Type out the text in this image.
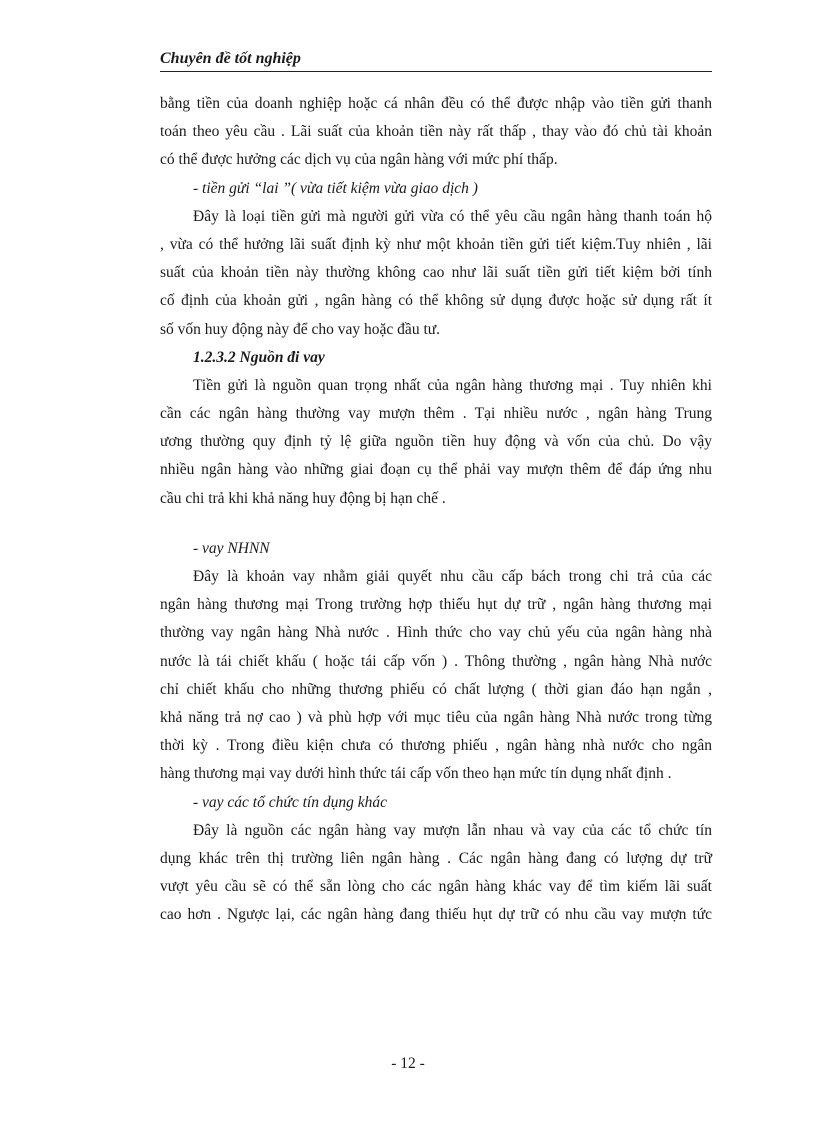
Chuyên đề tốt nghiệp
bằng tiền của doanh nghiệp hoặc cá nhân đều có thể được nhập vào tiền gửi thanh
toán theo yêu cầu . Lãi suất của khoản tiền này rất thấp , thay vào đó chủ tài khoản
có thể được hưởng các dịch vụ của ngân hàng với mức phí thấp.
- tiền gửi “lai ”( vừa tiết kiệm vừa giao dịch )
Đây là loại tiền gửi mà người gửi vừa có thể yêu cầu ngân hàng thanh toán hộ
, vừa có thể hưởng lãi suất định kỳ như một khoản tiền gửi tiết kiệm.Tuy nhiên , lãi
suất của khoản tiền này thường không cao như lãi suất tiền gửi tiết kiệm bởi tính
cố định của khoản gửi , ngân hàng có thể không sử dụng được hoặc sử dụng rất ít
số vốn huy động này để cho vay hoặc đầu tư.
1.2.3.2 Nguồn đi vay
Tiền gửi là nguồn quan trọng nhất của ngân hàng thương mại . Tuy nhiên khi
cần các ngân hàng thường vay mượn thêm . Tại nhiều nước , ngân hàng Trung
ương thường quy định tỷ lệ giữa nguồn tiền huy động và vốn của chủ. Do vậy
nhiều ngân hàng vào những giai đoạn cụ thể phải vay mượn thêm để đáp ứng nhu
cầu chi trả khi khả năng huy động bị hạn chế .
- vay NHNN
Đây là khoản vay nhằm giải quyết nhu cầu cấp bách trong chi trả của các
ngân hàng thương mại Trong trường hợp thiếu hụt dự trữ , ngân hàng thương mại
thường vay ngân hàng Nhà nước . Hình thức cho vay chủ yếu của ngân hàng nhà
nước là tái chiết khấu ( hoặc tái cấp vốn ) . Thông thường , ngân hàng Nhà nước
chỉ chiết khấu cho những thương phiếu có chất lượng ( thời gian đáo hạn ngắn ,
khả năng trả nợ cao ) và phù hợp với mục tiêu của ngân hàng Nhà nước trong từng
thời kỳ . Trong điều kiện chưa có thương phiếu , ngân hàng nhà nước cho ngân
hàng thương mại vay dưới hình thức tái cấp vốn theo hạn mức tín dụng nhất định .
- vay các tổ chức tín dụng khác
Đây là nguồn các ngân hàng vay mượn lẫn nhau và vay của các tổ chức tín
dụng khác trên thị trường liên ngân hàng . Các ngân hàng đang có lượng dự trữ
vượt yêu cầu sẽ có thể sẵn lòng cho các ngân hàng khác vay để tìm kiếm lãi suất
cao hơn . Ngược lại, các ngân hàng đang thiếu hụt dự trữ có nhu cầu vay mượn tức
- 12 -
